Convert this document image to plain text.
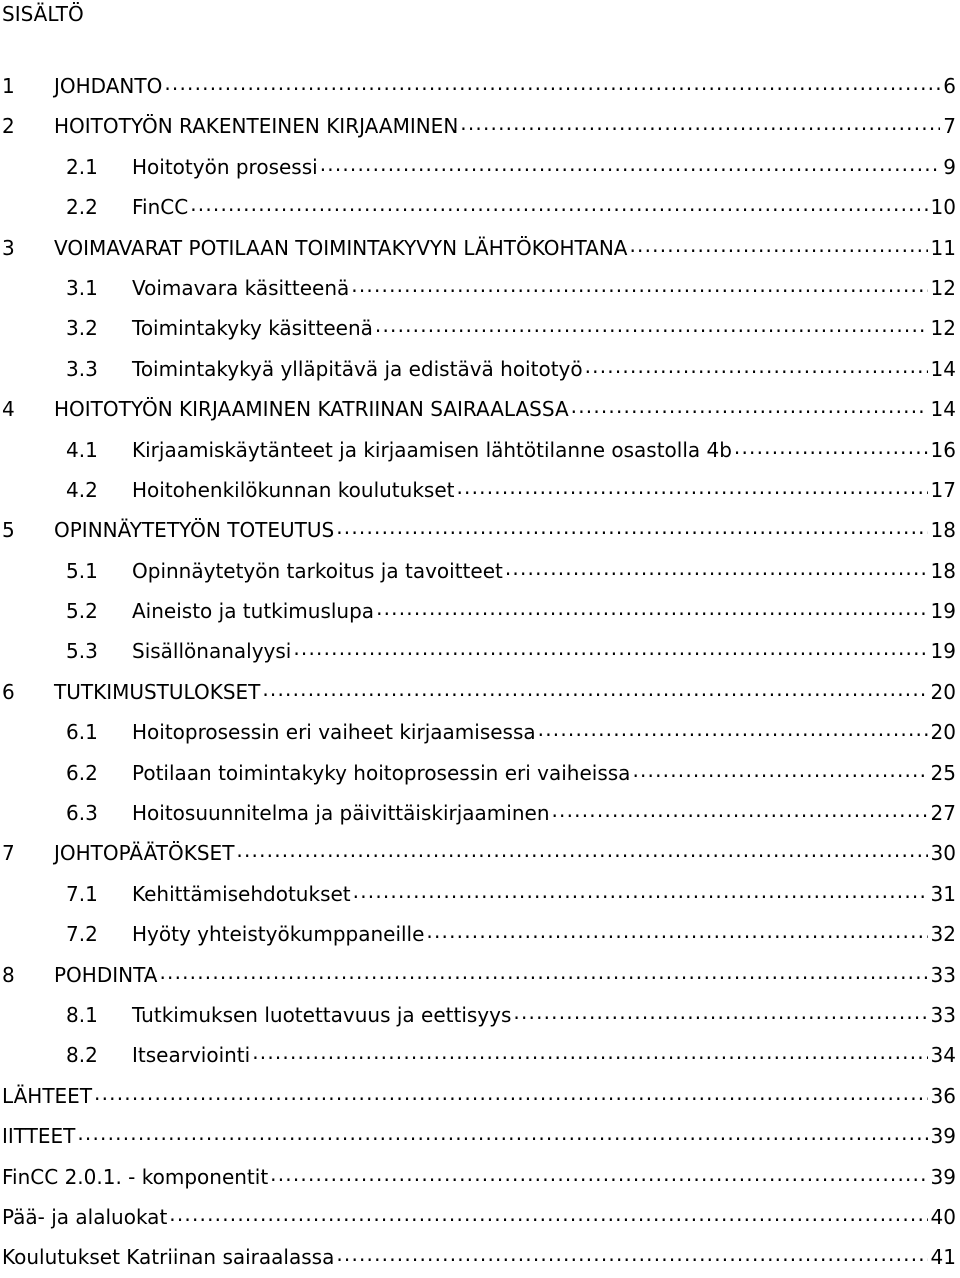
SISÄLTÖ
1	JOHDANTO .....	6
2	HOITOTYÖN RAKENTEINEN KIRJAAMINEN .....	7
2.1	Hoitotyön prosessi .....	9
2.2	FinCC .....	10
3	VOIMAVARAT POTILAAN TOIMINTAKYVYN LÄHTÖKOHTANA .....	11
3.1	Voimavara käsitteenä .....	12
3.2	Toimintakyky käsitteenä .....	12
3.3	Toimintakykyä ylläpitävä ja edistävä hoitotyö .....	14
4	HOITOTYÖN KIRJAAMINEN KATRIINAN SAIRAALASSA .....	14
4.1	Kirjaamiskäytänteet ja kirjaamisen lähtötilanne osastolla 4b .....	16
4.2	Hoitohenkilökunnan koulutukset .....	17
5	OPINNÄYTETYÖN TOTEUTUS .....	18
5.1	Opinnäytetyön tarkoitus ja tavoitteet .....	18
5.2	Aineisto ja tutkimuslupa .....	19
5.3	Sisällönanalyysi .....	19
6	TUTKIMUSTULOKSET .....	20
6.1	Hoitoprosessin eri vaiheet kirjaamisessa .....	20
6.2	Potilaan toimintakyky hoitoprosessin eri vaiheissa .....	25
6.3	Hoitosuunnitelma ja päivittäiskirjaaminen .....	27
7	JOHTOPÄÄTÖKSET .....	30
7.1	Kehittämisehdotukset .....	31
7.2	Hyöty yhteistyökumppaneille .....	32
8	POHDINTA .....	33
8.1	Tutkimuksen luotettavuus ja eettisyys .....	33
8.2	Itsearviointi .....	34
LÄHTEET .....	36
IITTEET .....	39
FinCC 2.0.1. - komponentit .....	39
Pää- ja alaluokat .....	40
Koulutukset Katriinan sairaalassa .....	41
